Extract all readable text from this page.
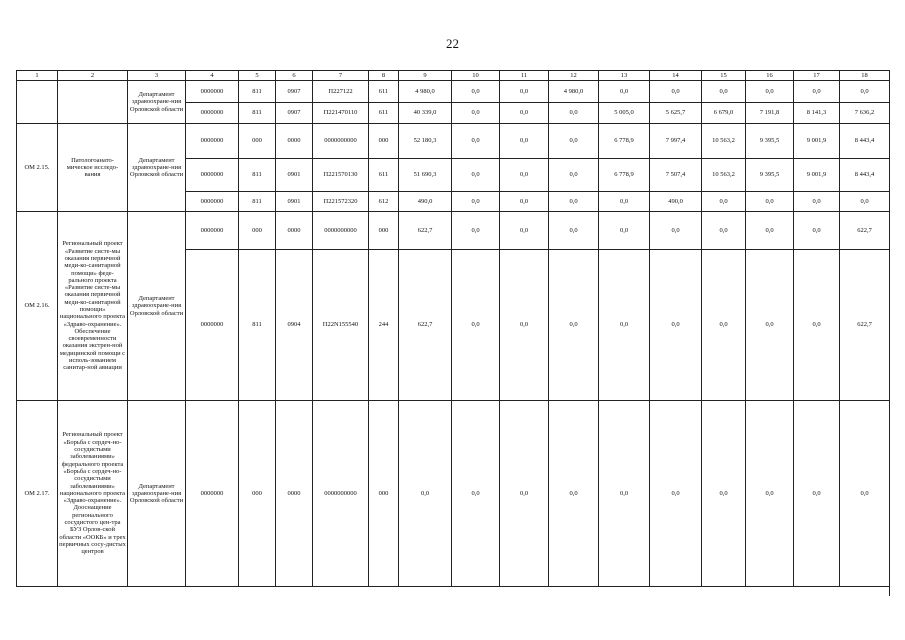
22
1	2	3	4	5	6	7	8	9	10	11	12	13	14	15	16	17	18
		Департамент здравоохране-ния Орловской области	0000000	811	0907	П227122	611	4 980,0	0,0	0,0	4 980,0	0,0	0,0	0,0	0,0	0,0	0,0
			0000000	811	0907	П221470110	611	40 339,0	0,0	0,0	0,0	5 005,0	5 625,7	6 679,0	7 191,8	8 141,3	7 636,2
ОМ 2.15.	Патологоанато-мическое исследо-вания	Департамент здравоохране-ния Орловской области	0000000	000	0000	0000000000	000	52 180,3	0,0	0,0	0,0	6 778,9	7 997,4	10 563,2	9 395,5	9 001,9	8 443,4
			0000000	811	0901	П221570130	611	51 690,3	0,0	0,0	0,0	6 778,9	7 507,4	10 563,2	9 395,5	9 001,9	8 443,4
			0000000	811	0901	П221572320	612	490,0	0,0	0,0	0,0	0,0	490,0	0,0	0,0	0,0	0,0
ОМ 2.16.	Региональный проект «Развитие систе-мы оказания первичной меди-ко-санитарной помощи» феде-рального проекта «Развитие систе-мы оказания первичной меди-ко-санитарной помощи» национального проекта «Здраво-охранение». Обеспечение своевременности оказания экстрен-ной медицинской помощи с исполь-зованием санитар-ной авиации	Департамент здравоохране-ния Орловской области	0000000	000	0000	0000000000	000	622,7	0,0	0,0	0,0	0,0	0,0	0,0	0,0	0,0	622,7
			0000000	811	0904	П22N155540	244	622,7	0,0	0,0	0,0	0,0	0,0	0,0	0,0	0,0	622,7
ОМ 2.17.	Региональный проект «Борьба с сердеч-но-сосудистыми заболеваниями» федерального проекта «Борьба с сердеч-но-сосудистыми заболеваниями» национального проекта «Здраво-охранение». Дооснащение регионального сосудистого цен-тра БУЗ Орлов-ской области «ООКБ» и трех первичных сосу-дистых центров	Департамент здравоохране-ния Орловской области	0000000	000	0000	0000000000	000	0,0	0,0	0,0	0,0	0,0	0,0	0,0	0,0	0,0	0,0
